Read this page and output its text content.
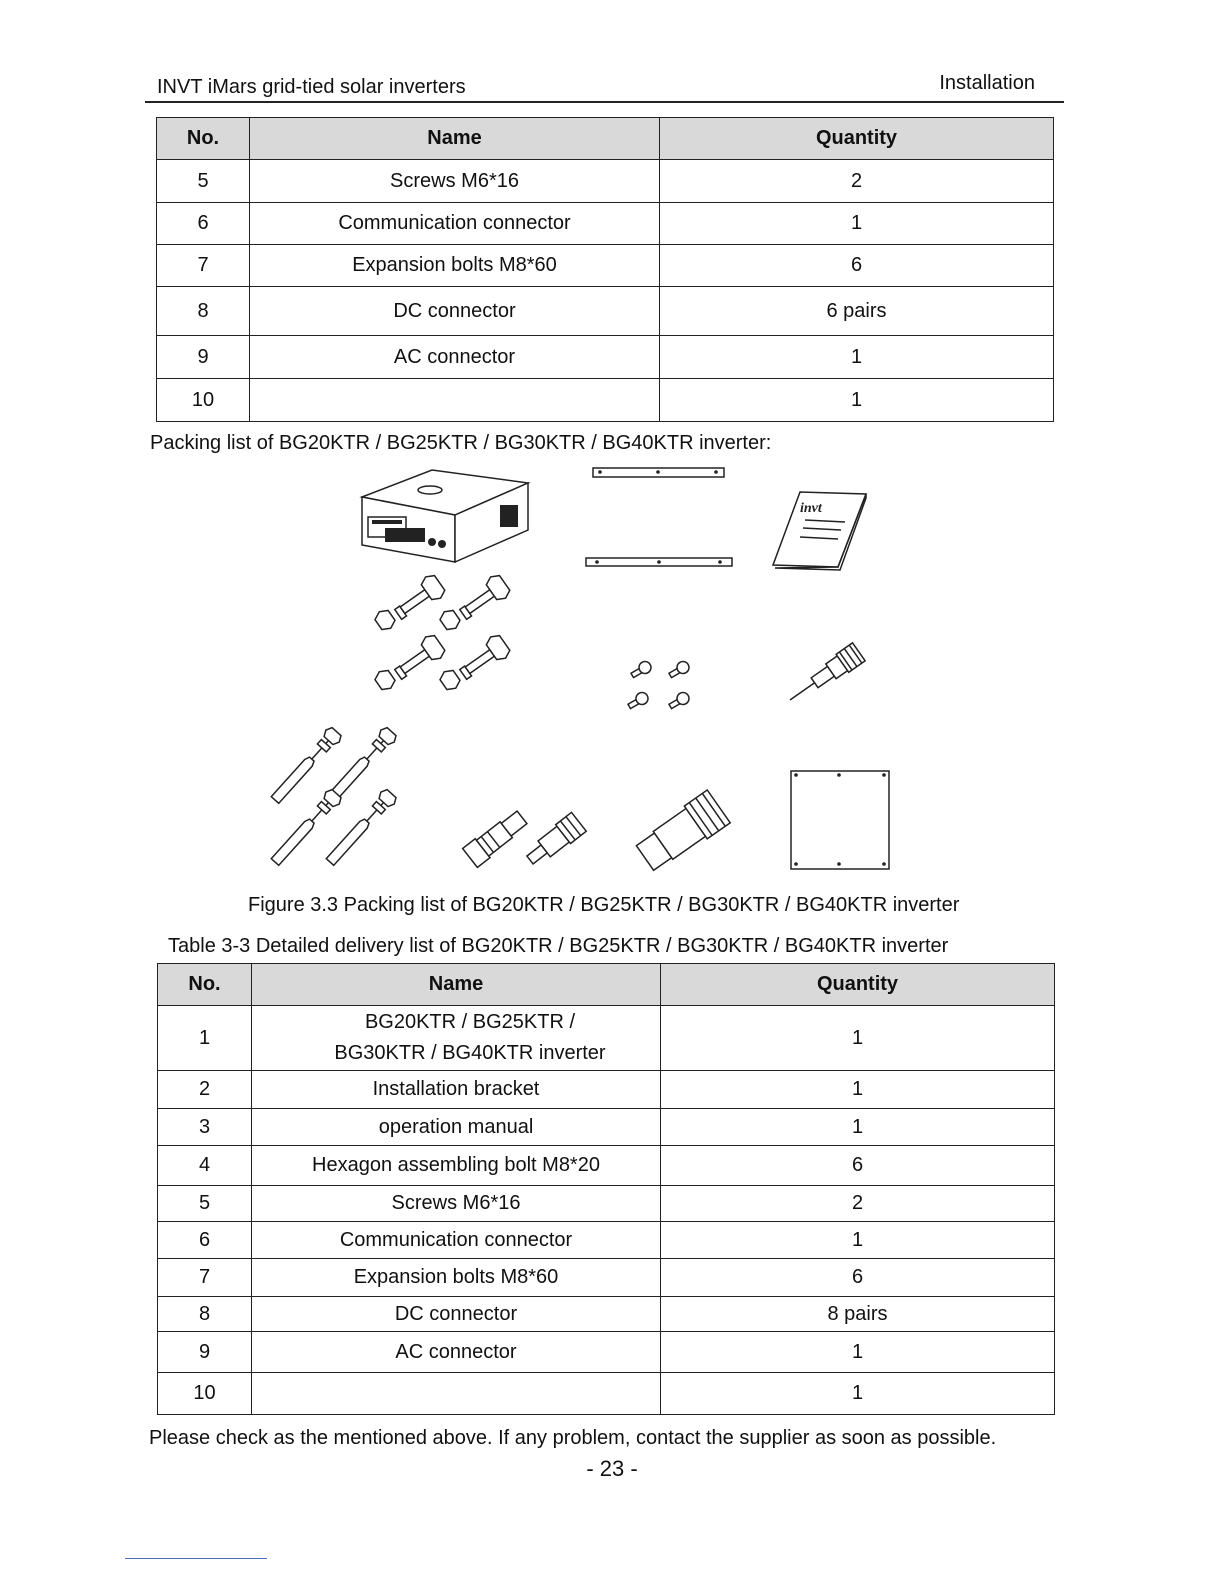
INVT iMars grid-tied solar inverters	Installation
No.	Name	Quantity
5	Screws M6*16	2
6	Communication connector	1
7	Expansion bolts M8*60	6
8	DC connector	6 pairs
9	AC connector	1
10		1
Packing list of BG20KTR / BG25KTR / BG30KTR / BG40KTR inverter:
invt
Figure 3.3 Packing list of BG20KTR / BG25KTR / BG30KTR / BG40KTR inverter
Table 3-3 Detailed delivery list of BG20KTR / BG25KTR / BG30KTR / BG40KTR inverter
No.	Name	Quantity
1	BG20KTR / BG25KTR /
BG30KTR / BG40KTR inverter	1
2	Installation bracket	1
3	operation manual	1
4	Hexagon assembling bolt M8*20	6
5	Screws M6*16	2
6	Communication connector	1
7	Expansion bolts M8*60	6
8	DC connector	8 pairs
9	AC connector	1
10		1
Please check as the mentioned above. If any problem, contact the supplier as soon as possible.
- 23 -
